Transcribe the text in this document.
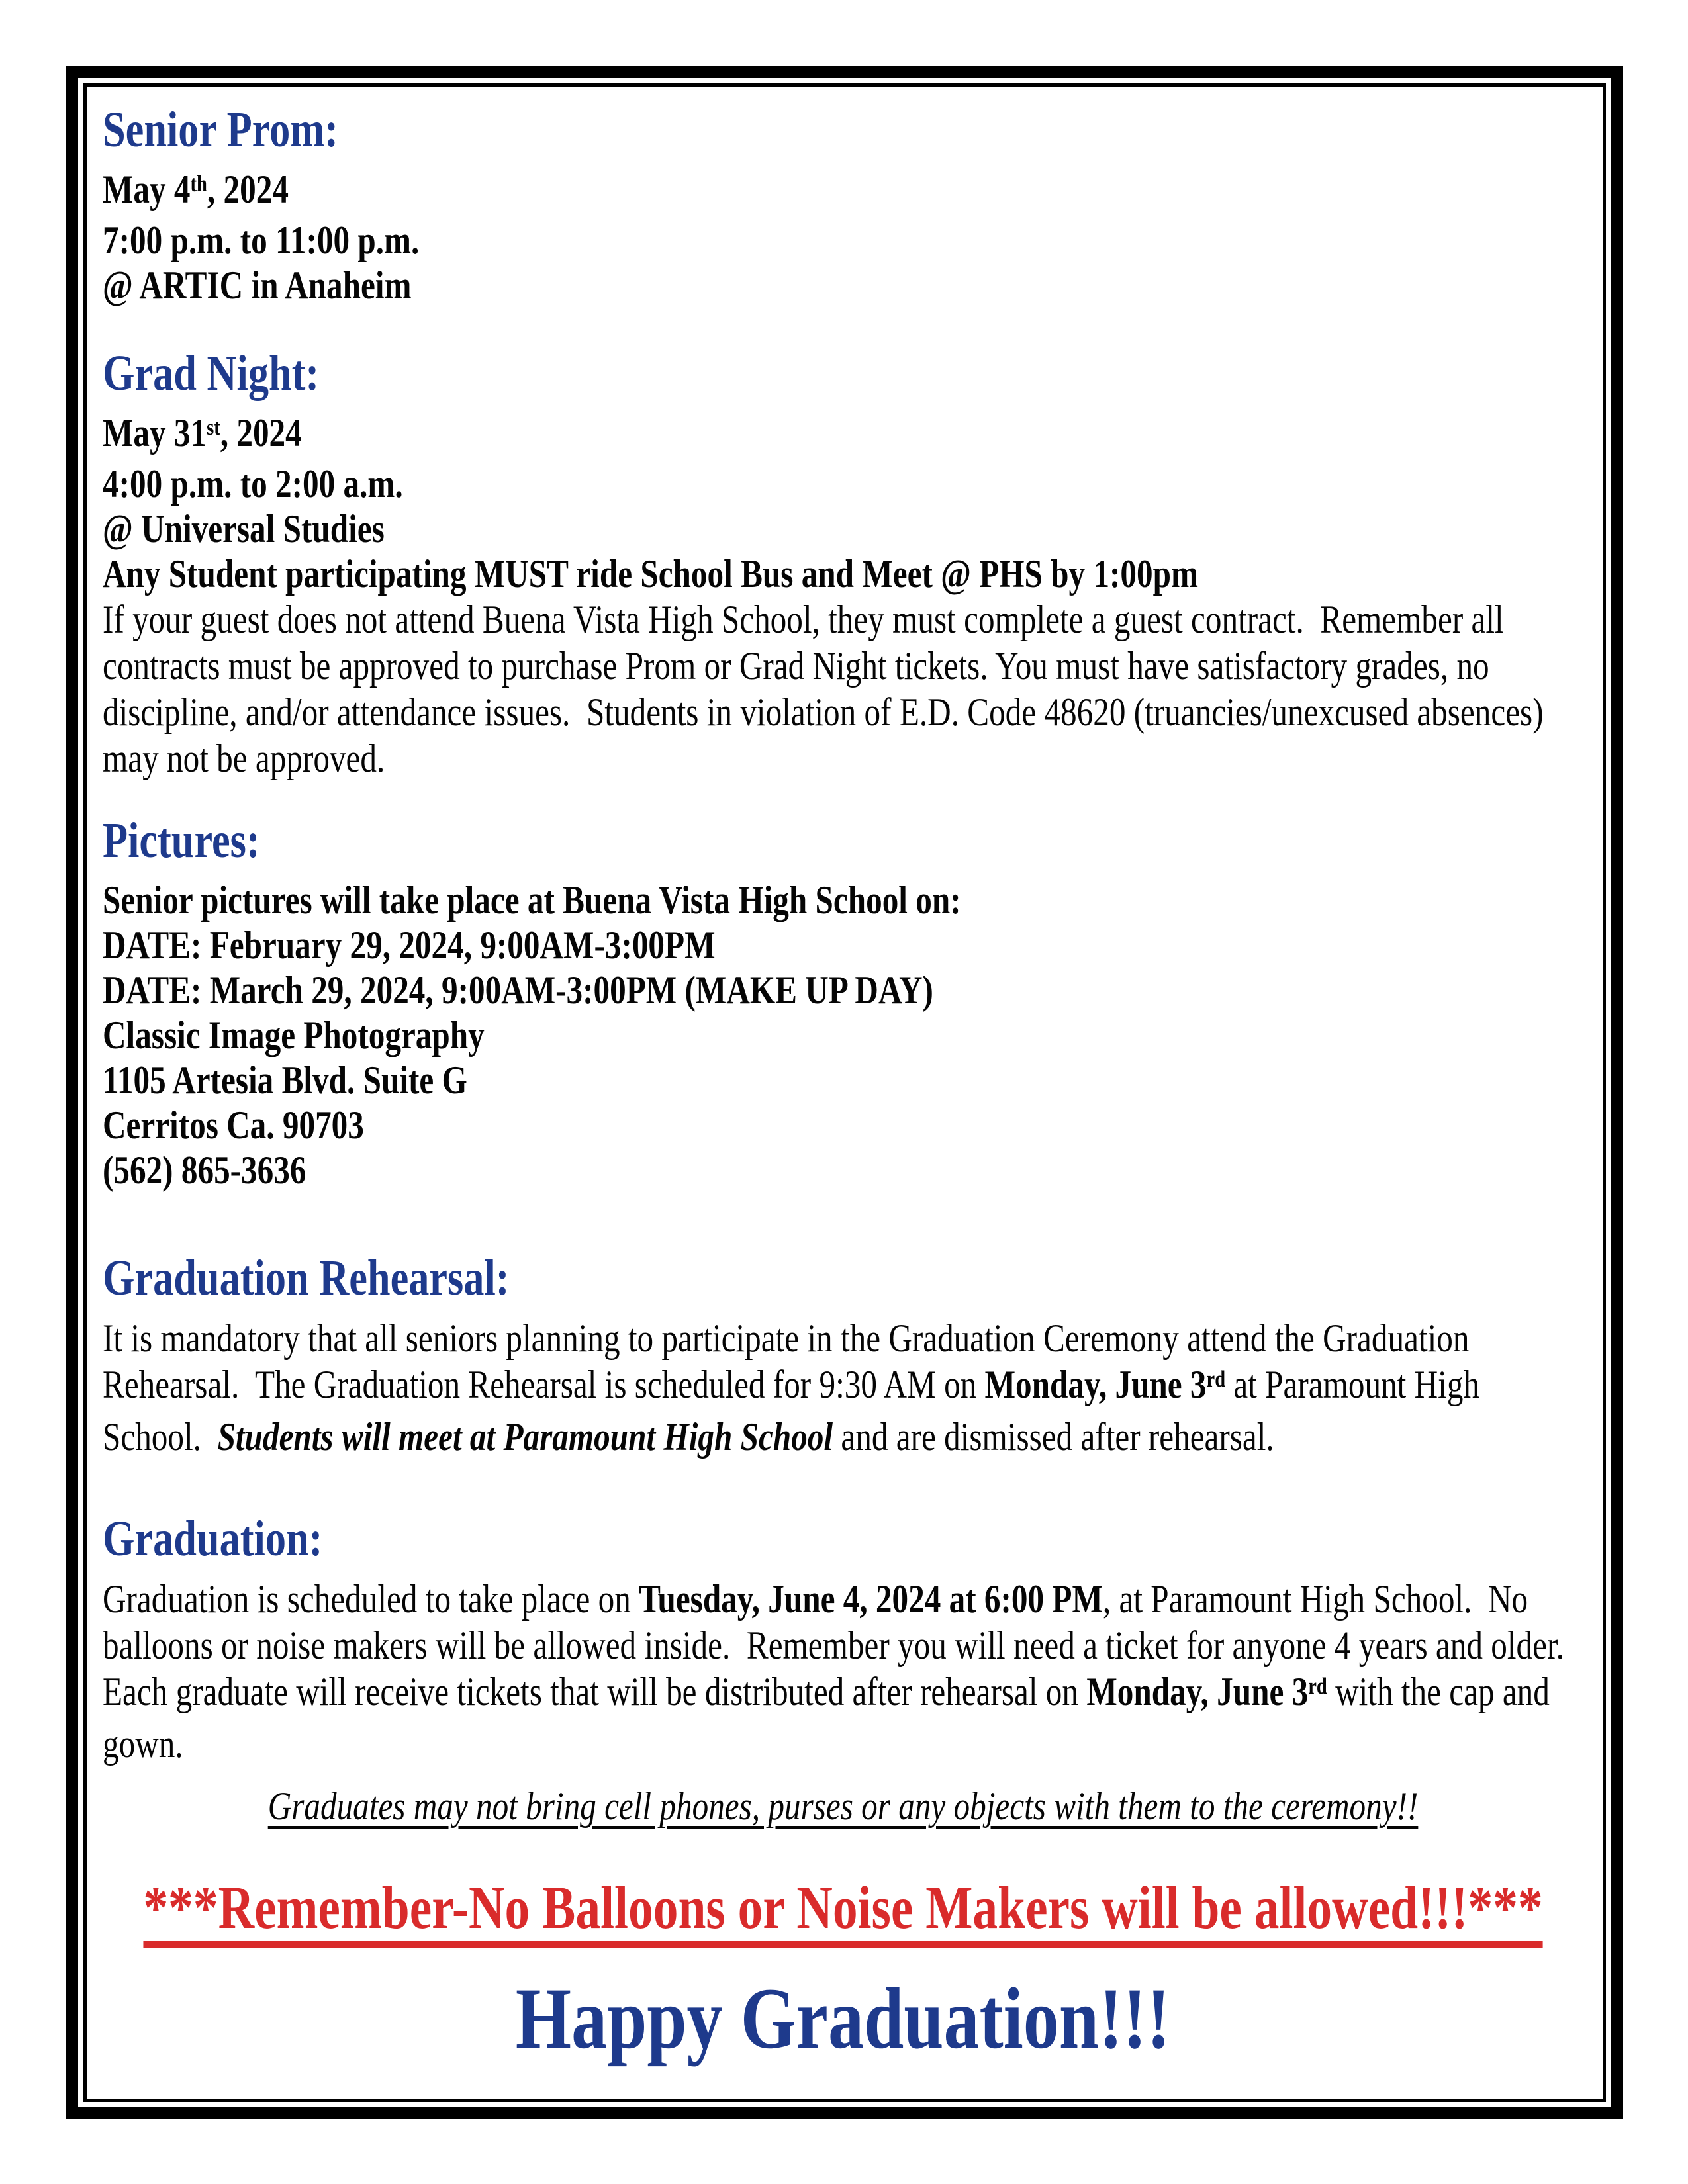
Senior Prom:
May 4th, 2024
7:00 p.m. to 11:00 p.m.
@ ARTIC in Anaheim
Grad Night:
May 31st, 2024
4:00 p.m. to 2:00 a.m.
@ Universal Studies
Any Student participating MUST ride School Bus and Meet @ PHS by 1:00pm
If your guest does not attend Buena Vista High School, they must complete a guest contract.  Remember all contracts must be approved to purchase Prom or Grad Night tickets. You must have satisfactory grades, no discipline, and/or attendance issues.  Students in violation of E.D. Code 48620 (truancies/unexcused absences) may not be approved.
Pictures:
Senior pictures will take place at Buena Vista High School on:
DATE: February 29, 2024, 9:00AM-3:00PM
DATE: March 29, 2024, 9:00AM-3:00PM (MAKE UP DAY)
Classic Image Photography
1105 Artesia Blvd. Suite G
Cerritos Ca. 90703
(562) 865-3636
Graduation Rehearsal:
It is mandatory that all seniors planning to participate in the Graduation Ceremony attend the Graduation Rehearsal.  The Graduation Rehearsal is scheduled for 9:30 AM on Monday, June 3rd at Paramount High School.  Students will meet at Paramount High School and are dismissed after rehearsal.
Graduation:
Graduation is scheduled to take place on Tuesday, June 4, 2024 at 6:00 PM, at Paramount High School.  No balloons or noise makers will be allowed inside.  Remember you will need a ticket for anyone 4 years and older.  Each graduate will receive tickets that will be distributed after rehearsal on Monday, June 3rd with the cap and gown.
Graduates may not bring cell phones, purses or any objects with them to the ceremony!!
***Remember-No Balloons or Noise Makers will be allowed!!!***
Happy Graduation!!!
